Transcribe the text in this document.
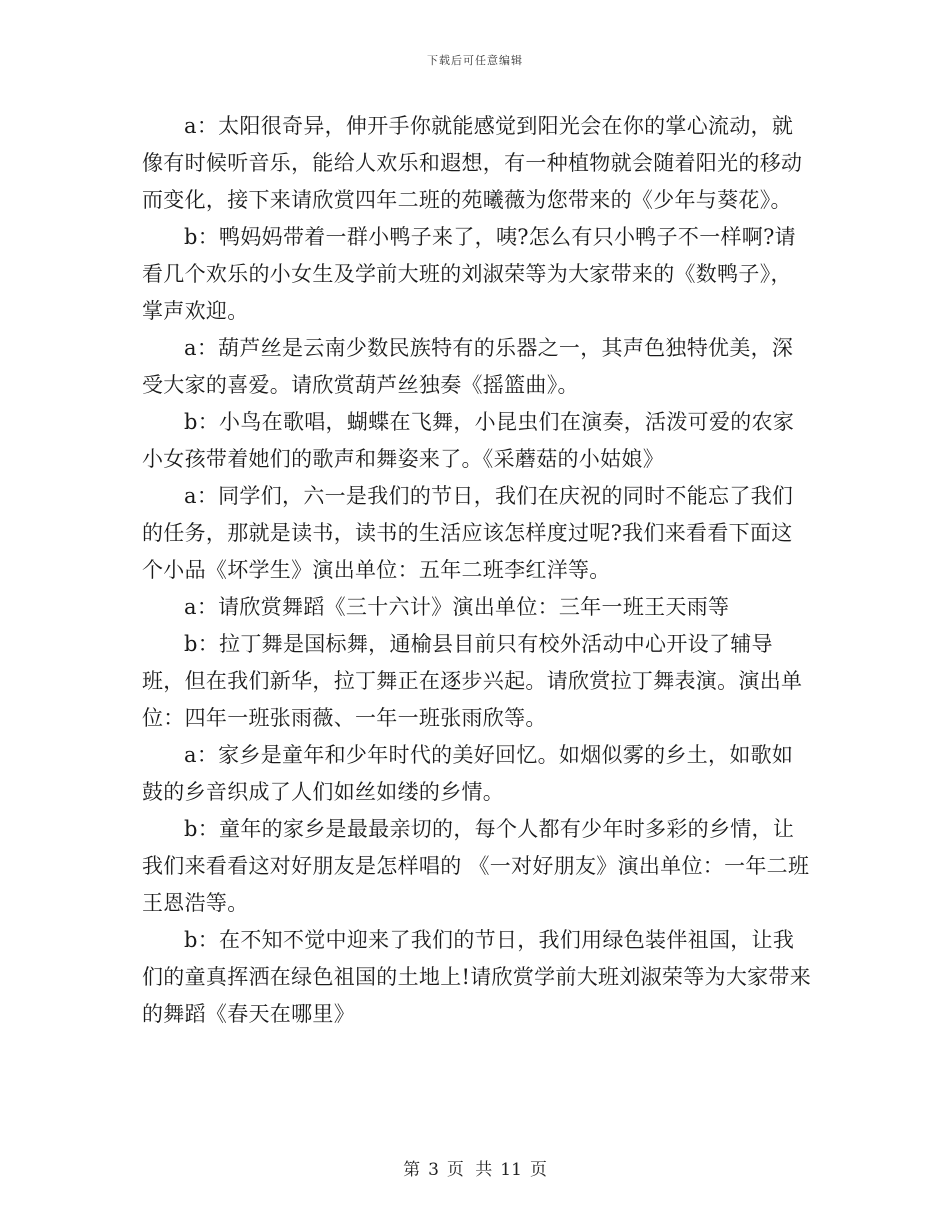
下载后可任意编辑

a：太阳很奇异，伸开手你就能感觉到阳光会在你的掌心流动，就像有时候听音乐，能给人欢乐和遐想，有一种植物就会随着阳光的移动而变化，接下来请欣赏四年二班的苑曦薇为您带来的《少年与葵花》。

b：鸭妈妈带着一群小鸭子来了，咦?怎么有只小鸭子不一样啊?请看几个欢乐的小女生及学前大班的刘淑荣等为大家带来的《数鸭子》，掌声欢迎。

a：葫芦丝是云南少数民族特有的乐器之一，其声色独特优美，深受大家的喜爱。请欣赏葫芦丝独奏《摇篮曲》。

b：小鸟在歌唱，蝴蝶在飞舞，小昆虫们在演奏，活泼可爱的农家小女孩带着她们的歌声和舞姿来了。《采蘑菇的小姑娘》

a：同学们，六一是我们的节日，我们在庆祝的同时不能忘了我们的任务，那就是读书，读书的生活应该怎样度过呢?我们来看看下面这个小品《坏学生》演出单位：五年二班李红洋等。

a：请欣赏舞蹈《三十六计》演出单位：三年一班王天雨等

b：拉丁舞是国标舞，通榆县目前只有校外活动中心开设了辅导班，但在我们新华，拉丁舞正在逐步兴起。请欣赏拉丁舞表演。演出单位：四年一班张雨薇、一年一班张雨欣等。

a：家乡是童年和少年时代的美好回忆。如烟似雾的乡土，如歌如鼓的乡音织成了人们如丝如缕的乡情。

b：童年的家乡是最最亲切的，每个人都有少年时多彩的乡情，让我们来看看这对好朋友是怎样唱的 《一对好朋友》演出单位：一年二班王恩浩等。

b：在不知不觉中迎来了我们的节日，我们用绿色装伴祖国，让我们的童真挥洒在绿色祖国的土地上!请欣赏学前大班刘淑荣等为大家带来的舞蹈《春天在哪里》

第 3 页 共 11 页
